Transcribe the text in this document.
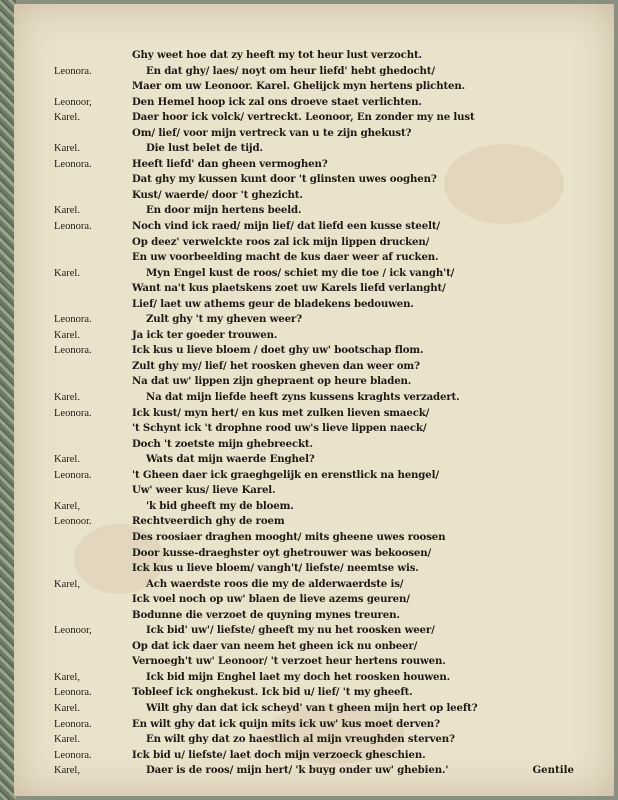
Ghy weet hoe dat zy heeft my tot heur lust verzocht.
Leonora.	En dat ghy/ laes/ noyt om heur liefd' hebt ghedocht/
Maer om uw Leonoor. Karel. Ghelijck myn hertens plichten.
Leonoor,	Den Hemel hoop ick zal ons droeve staet verlichten.
Karel.	Daer hoor ick volck/ vertreckt. Leonoor, En zonder my ne lust
Om/ lief/ voor mijn vertreck van u te zijn ghekust?
Karel.	Die lust belet de tijd.
Leonora.	Heeft liefd' dan gheen vermoghen?
Dat ghy my kussen kunt door 't glinsten uwes ooghen?
Kust/ waerde/ door 't ghezicht.
Karel.	En door mijn hertens beeld.
Leonora.	Noch vind ick raed/ mijn lief/ dat liefd een kusse steelt/
Op deez' verwelckte roos zal ick mijn lippen drucken/
En uw voorbeelding macht de kus daer weer af rucken.
Karel.	Myn Engel kust de roos/ schiet my die toe / ick vangh't/
Want na't kus plaetskens zoet uw Karels liefd verlanght/
Lief/ laet uw athems geur de bladekens bedouwen.
Leonora.	Zult ghy 't my gheven weer?
Karel.	Ja ick ter goeder trouwen.
Leonora.	Ick kus u lieve bloem / doet ghy uw' bootschap flom.
Zult ghy my/ lief/ het roosken gheven dan weer om?
Na dat uw' lippen zijn ghepraent op heure bladen.
Karel.	Na dat mijn liefde heeft zyns kussens kraghts verzadert.
Leonora.	Ick kust/ myn hert/ en kus met zulken lieven smaeck/
't Schynt ick 't drophne rood uw's lieve lippen naeck/
Doch 't zoetste mijn ghebreeckt.
Karel.	Wats dat mijn waerde Enghel?
Leonora.	't Gheen daer ick graeghgelijk en erenstlick na hengel/
Uw' weer kus/ lieve Karel.
Karel,	'k bid gheeft my de bloem.
Leonoor.	Rechtveerdich ghy de roem
Des roosiaer draghen mooght/ mits gheene uwes roosen
Door kusse-draeghster oyt ghetrouwer was bekoosen/
Ick kus u lieve bloem/ vangh't/ liefste/ neemtse wis.
Karel,	Ach waerdste roos die my de alderwaerdste is/
Ick voel noch op uw' blaen de lieve azems geuren/
Bodunne die verzoet de quyning mynes treuren.
Leonoor,	Ick bid' uw'/ liefste/ gheeft my nu het roosken weer/
Op dat ick daer van neem het gheen ick nu onbeer/
Vernoegh't uw' Leonoor/ 't verzoet heur hertens rouwen.
Karel,	Ick bid mijn Enghel laet my doch het roosken houwen.
Leonora.	Tobleef ick onghekust. Ick bid u/ lief/ 't my gheeft.
Karel.	Wilt ghy dan dat ick scheyd' van t gheen mijn hert op leeft?
Leonora.	En wilt ghy dat ick quijn mits ick uw' kus moet derven?
Karel.	En wilt ghy dat zo haestlich al mijn vreughden sterven?
Leonora.	Ick bid u/ liefste/ laet doch mijn verzoeck gheschien.
Karel,	Daer is de roos/ mijn hert/ 'k buyg onder uw' ghebien.'	Gentile
